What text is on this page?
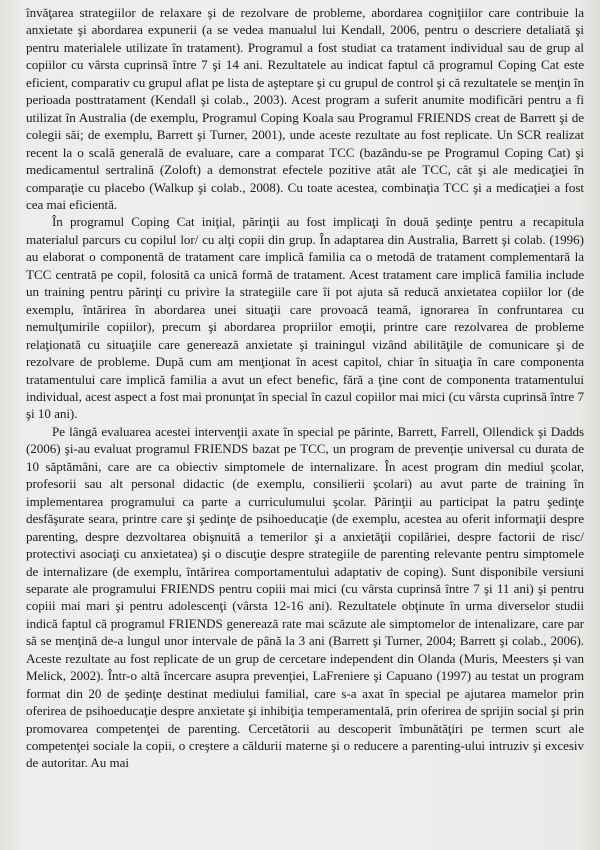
învăţarea strategiilor de relaxare şi de rezolvare de probleme, abordarea cogniţiilor care contribuie la anxietate şi abordarea expunerii (a se vedea manualul lui Kendall, 2006, pentru o descriere detaliată şi pentru materialele utilizate în tratament). Programul a fost studiat ca tratament individual sau de grup al copiilor cu vârsta cuprinsă între 7 şi 14 ani. Rezultatele au indicat faptul că programul Coping Cat este eficient, comparativ cu grupul aflat pe lista de aşteptare şi cu grupul de control şi că rezultatele se menţin în perioada posttratament (Kendall şi colab., 2003). Acest program a suferit anumite modificări pentru a fi utilizat în Australia (de exemplu, Programul Coping Koala sau Programul FRIENDS creat de Barrett şi de colegii săi; de exemplu, Barrett şi Turner, 2001), unde aceste rezultate au fost replicate. Un SCR realizat recent la o scală generală de evaluare, care a comparat TCC (bazându-se pe Programul Coping Cat) şi medicamentul sertralină (Zoloft) a demonstrat efectele pozitive atât ale TCC, cât şi ale medicaţiei în comparaţie cu placebo (Walkup şi colab., 2008). Cu toate acestea, combinaţia TCC şi a medicaţiei a fost cea mai eficientă.

În programul Coping Cat iniţial, părinţii au fost implicaţi în două şedinţe pentru a recapitula materialul parcurs cu copilul lor/ cu alţi copii din grup. În adaptarea din Australia, Barrett şi colab. (1996) au elaborat o componentă de tratament care implică familia ca o metodă de tratament complementară la TCC centrată pe copil, folosită ca unică formă de tratament. Acest tratament care implică familia include un training pentru părinţi cu privire la strategiile care îi pot ajuta să reducă anxietatea copiilor lor (de exemplu, întărirea în abordarea unei situaţii care provoacă teamă, ignorarea în confruntarea cu nemulţumirile copiilor), precum şi abordarea propriilor emoţii, printre care rezolvarea de probleme relaţionată cu situaţiile care generează anxietate şi trainingul vizând abilităţile de comunicare şi de rezolvare de probleme. După cum am menţionat în acest capitol, chiar în situaţia în care componenta tratamentului care implică familia a avut un efect benefic, fără a ţine cont de componenta tratamentului individual, acest aspect a fost mai pronunţat în special în cazul copiilor mai mici (cu vârsta cuprinsă între 7 şi 10 ani).

Pe lângă evaluarea acestei intervenţii axate în special pe părinte, Barrett, Farrell, Ollendick şi Dadds (2006) şi-au evaluat programul FRIENDS bazat pe TCC, un program de prevenţie universal cu durata de 10 săptămâni, care are ca obiectiv simptomele de internalizare. În acest program din mediul şcolar, profesorii sau alt personal didactic (de exemplu, consilierii şcolari) au avut parte de training în implementarea programului ca parte a curriculumului şcolar. Părinţii au participat la patru şedinţe desfăşurate seara, printre care şi şedinţe de psihoeducaţie (de exemplu, acestea au oferit informaţii despre parenting, despre dezvoltarea obişnuită a temerilor şi a anxietăţii copilăriei, despre factorii de risc/ protectivi asociaţi cu anxietatea) şi o discuţie despre strategiile de parenting relevante pentru simptomele de internalizare (de exemplu, întărirea comportamentului adaptativ de coping). Sunt disponibile versiuni separate ale programului FRIENDS pentru copiii mai mici (cu vârsta cuprinsă între 7 şi 11 ani) şi pentru copiii mai mari şi pentru adolescenţi (vârsta 12-16 ani). Rezultatele obţinute în urma diverselor studii indică faptul că programul FRIENDS generează rate mai scăzute ale simptomelor de intenalizare, care par să se menţină de-a lungul unor intervale de până la 3 ani (Barrett şi Turner, 2004; Barrett şi colab., 2006). Aceste rezultate au fost replicate de un grup de cercetare independent din Olanda (Muris, Meesters şi van Melick, 2002). Într-o altă încercare asupra prevenţiei, LaFreniere şi Capuano (1997) au testat un program format din 20 de şedinţe destinat mediului familial, care s-a axat în special pe ajutarea mamelor prin oferirea de psihoeducaţie despre anxietate şi inhibiţia temperamentală, prin oferirea de sprijin social şi prin promovarea competenţei de parenting. Cercetătorii au descoperit îmbunătăţiri pe termen scurt ale competenţei sociale la copii, o creştere a căldurii materne şi o reducere a parenting-ului intruziv şi excesiv de autoritar. Au mai
